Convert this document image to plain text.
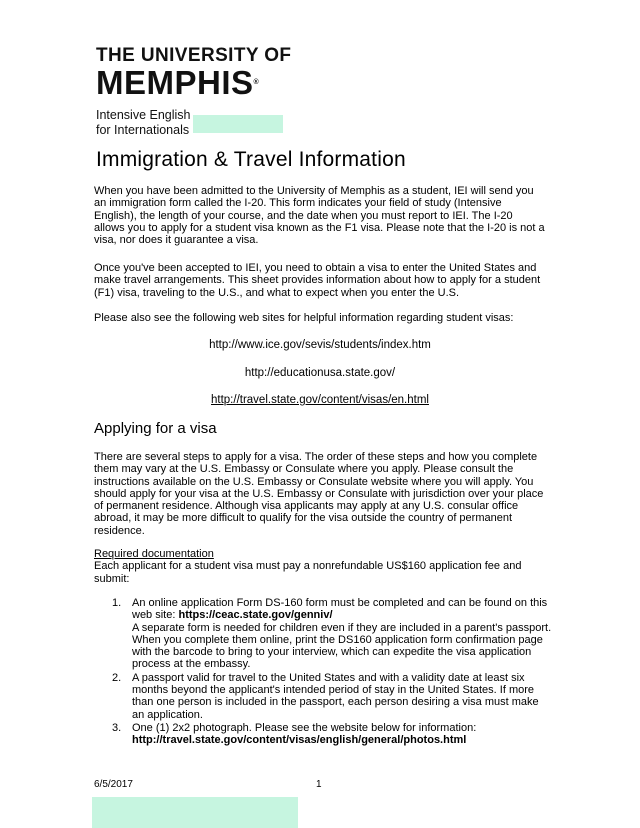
THE UNIVERSITY OF
MEMPHIS®
Intensive English
for Internationals
Immigration & Travel Information

When you have been admitted to the University of Memphis as a student, IEI will send you an immigration form called the I-20. This form indicates your field of study (Intensive English), the length of your course, and the date when you must report to IEI. The I-20 allows you to apply for a student visa known as the F1 visa. Please note that the I-20 is not a visa, nor does it guarantee a visa.

Once you've been accepted to IEI, you need to obtain a visa to enter the United States and make travel arrangements. This sheet provides information about how to apply for a student (F1) visa, traveling to the U.S., and what to expect when you enter the U.S.

Please also see the following web sites for helpful information regarding student visas:

http://www.ice.gov/sevis/students/index.htm
http://educationusa.state.gov/
http://travel.state.gov/content/visas/en.html
Applying for a visa

There are several steps to apply for a visa. The order of these steps and how you complete them may vary at the U.S. Embassy or Consulate where you apply. Please consult the instructions available on the U.S. Embassy or Consulate website where you will apply. You should apply for your visa at the U.S. Embassy or Consulate with jurisdiction over your place of permanent residence. Although visa applicants may apply at any U.S. consular office abroad, it may be more difficult to qualify for the visa outside the country of permanent residence.

Required documentation
Each applicant for a student visa must pay a nonrefundable US$160 application fee and submit:
1. An online application Form DS-160 form must be completed and can be found on this web site: https://ceac.state.gov/genniv/
A separate form is needed for children even if they are included in a parent's passport. When you complete them online, print the DS160 application form confirmation page with the barcode to bring to your interview, which can expedite the visa application process at the embassy.
2. A passport valid for travel to the United States and with a validity date at least six months beyond the applicant's intended period of stay in the United States. If more than one person is included in the passport, each person desiring a visa must make an application.
3. One (1) 2x2 photograph. Please see the website below for information:
http://travel.state.gov/content/visas/english/general/photos.html
6/5/2017	1
